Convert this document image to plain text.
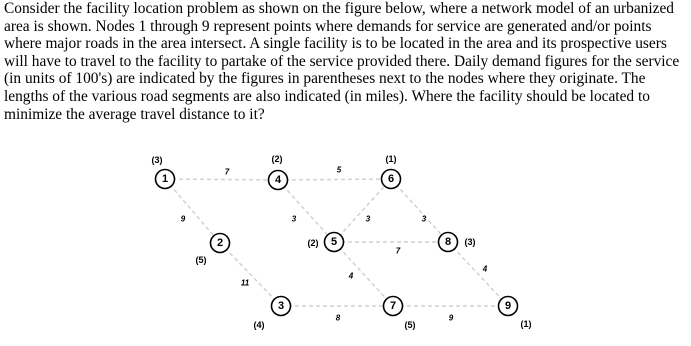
Consider the facility location problem as shown on the figure below, where a network model of an urbanized area is shown. Nodes 1 through 9 represent points where demands for service are generated and/or points where major roads in the area intersect. A single facility is to be located in the area and its prospective users will have to travel to the facility to partake of the service provided there. Daily demand figures for the service (in units of 100's) are indicated by the figures in parentheses next to the nodes where they originate. The lengths of the various road segments are also indicated (in miles). Where the facility should be located to minimize the average travel distance to it?

7	5
9	3	3	3
11
4
7
4
8	9
1	4	6
2	5	8
3	7	9
(3)	(2)	(1)
(5)
(2)	(3)
(4)	(5)	(1)
